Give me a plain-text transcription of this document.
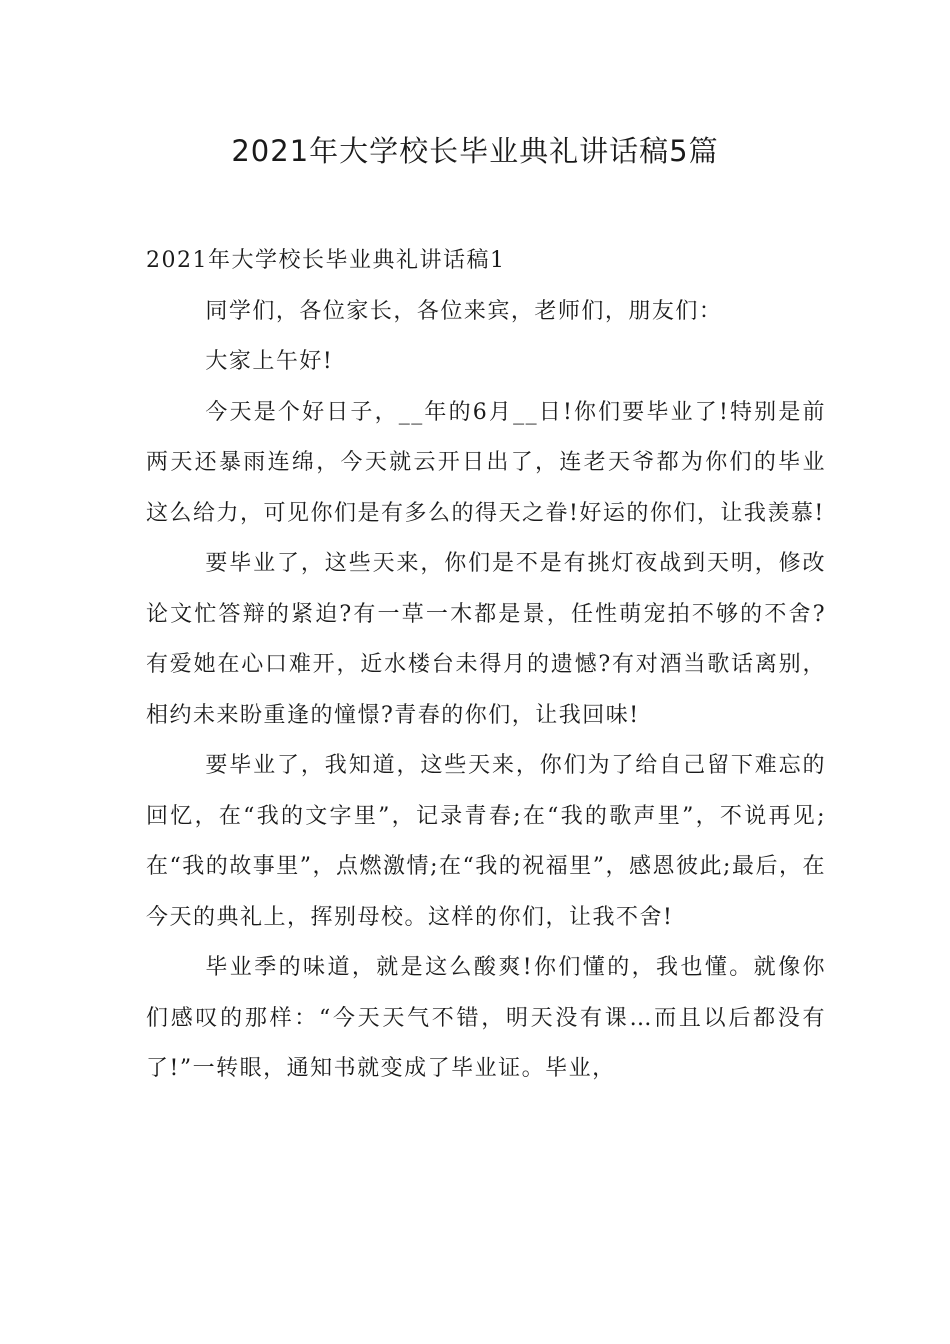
2021年大学校长毕业典礼讲话稿5篇
2021年大学校长毕业典礼讲话稿1

同学们，各位家长，各位来宾，老师们，朋友们：

大家上午好!

今天是个好日子，__年的6月__日!你们要毕业了!特别是前两天还暴雨连绵，今天就云开日出了，连老天爷都为你们的毕业这么给力，可见你们是有多么的得天之眷!好运的你们，让我羡慕!

要毕业了，这些天来，你们是不是有挑灯夜战到天明，修改论文忙答辩的紧迫?有一草一木都是景，任性萌宠拍不够的不舍?有爱她在心口难开，近水楼台未得月的遗憾?有对酒当歌话离别，相约未来盼重逢的憧憬?青春的你们，让我回味!

要毕业了，我知道，这些天来，你们为了给自己留下难忘的回忆，在“我的文字里”，记录青春;在“我的歌声里”，不说再见;在“我的故事里”，点燃激情;在“我的祝福里”，感恩彼此;最后，在今天的典礼上，挥别母校。这样的你们，让我不舍!

毕业季的味道，就是这么酸爽!你们懂的，我也懂。就像你们感叹的那样：“今天天气不错，明天没有课…而且以后都没有了!”一转眼，通知书就变成了毕业证。毕业，
